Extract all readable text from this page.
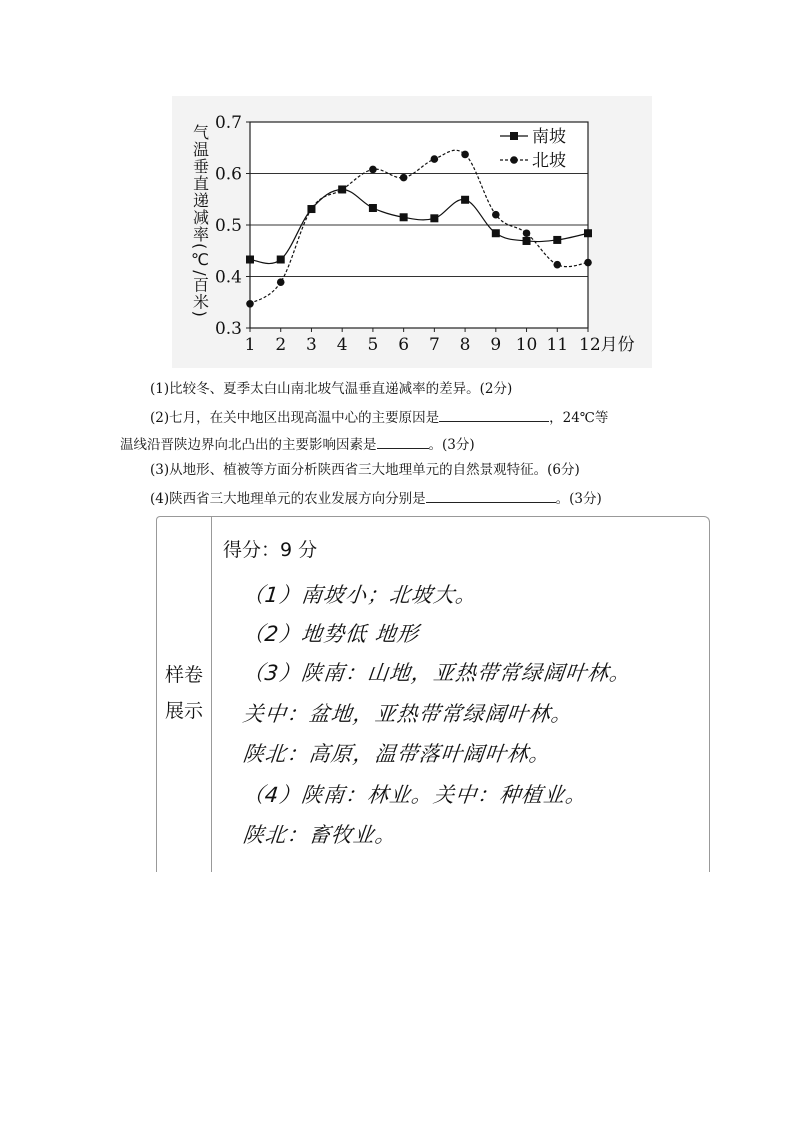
1 2 3 4 5 6 7 8 9 10 11 12月份
0.3
0.4
0.5
0.6
0.7
气温垂直递减率(℃/百米)	南坡
北坡
(1)比较冬、夏季太白山南北坡气温垂直递减率的差异。(2分)
(2)七月，在关中地区出现高温中心的主要原因是	，24℃等
温线沿晋陕边界向北凸出的主要影响因素是	。(3分)
(3)从地形、植被等方面分析陕西省三大地理单元的自然景观特征。(6分)
(4)陕西省三大地理单元的农业发展方向分别是	。(3分)
样卷
展示
得分：9 分
（1）南坡小；北坡大。
（2）地势低 地形
（3）陕南：山地，亚热带常绿阔叶林。
关中：盆地，亚热带常绿阔叶林。
陕北：高原，温带落叶阔叶林。
（4）陕南：林业。关中：种植业。
陕北：畜牧业。
